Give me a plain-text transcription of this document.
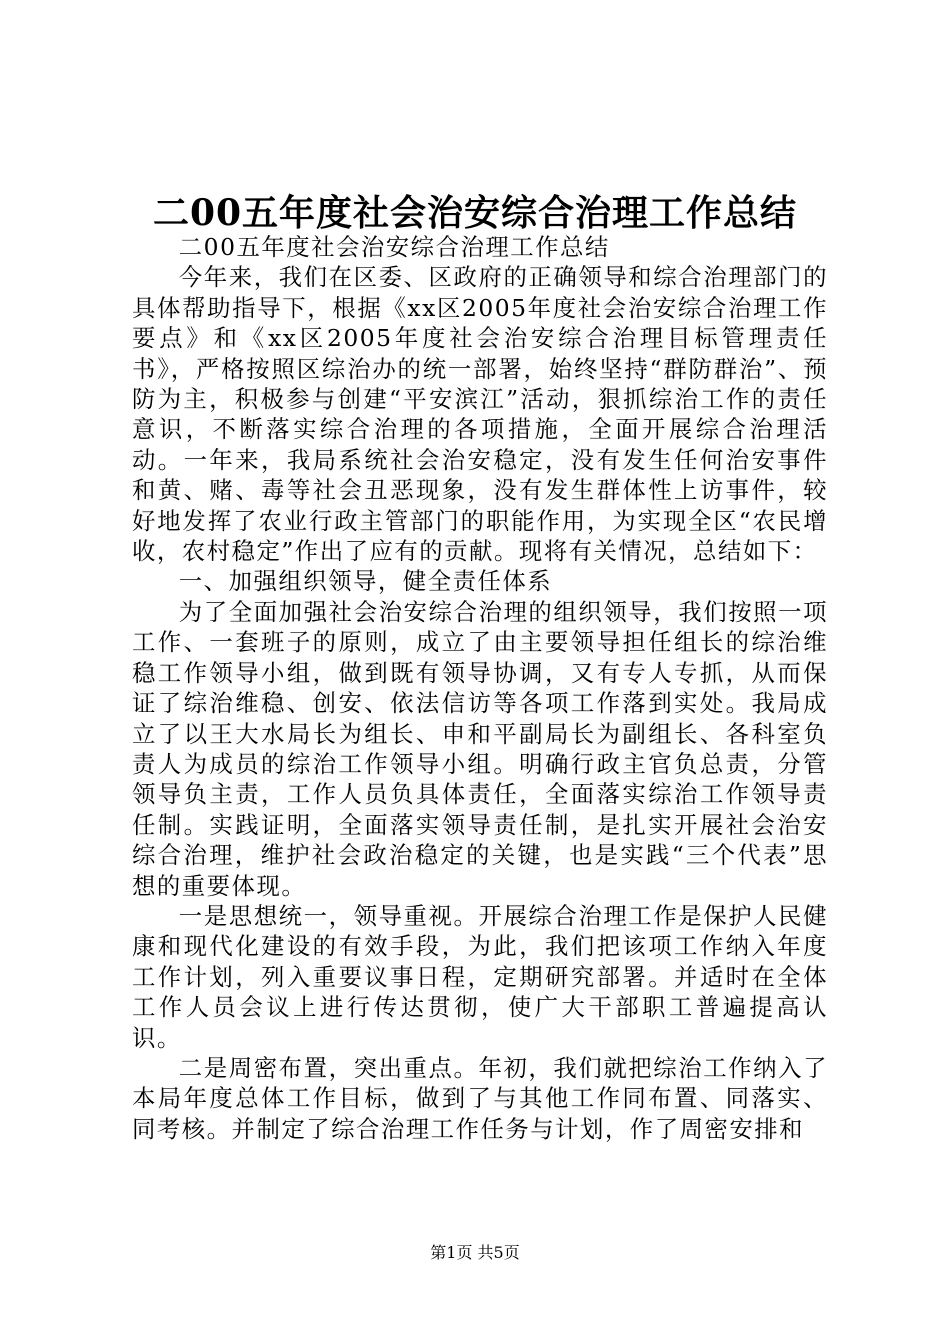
二00五年度社会治安综合治理工作总结

二00五年度社会治安综合治理工作总结

今年来，我们在区委、区政府的正确领导和综合治理部门的具体帮助指导下，根据《xx区2005年度社会治安综合治理工作要点》和《xx区2005年度社会治安综合治理目标管理责任书》，严格按照区综治办的统一部署，始终坚持“群防群治”、预防为主，积极参与创建“平安滨江”活动，狠抓综治工作的责任意识，不断落实综合治理的各项措施，全面开展综合治理活动。一年来，我局系统社会治安稳定，没有发生任何治安事件和黄、赌、毒等社会丑恶现象，没有发生群体性上访事件，较好地发挥了农业行政主管部门的职能作用，为实现全区“农民增收，农村稳定”作出了应有的贡献。现将有关情况，总结如下：

一、加强组织领导，健全责任体系

为了全面加强社会治安综合治理的组织领导，我们按照一项工作、一套班子的原则，成立了由主要领导担任组长的综治维稳工作领导小组，做到既有领导协调，又有专人专抓，从而保证了综治维稳、创安、依法信访等各项工作落到实处。我局成立了以王大水局长为组长、申和平副局长为副组长、各科室负责人为成员的综治工作领导小组。明确行政主官负总责，分管领导负主责，工作人员负具体责任，全面落实综治工作领导责任制。实践证明，全面落实领导责任制，是扎实开展社会治安综合治理，维护社会政治稳定的关键，也是实践“三个代表”思想的重要体现。

一是思想统一，领导重视。开展综合治理工作是保护人民健康和现代化建设的有效手段，为此，我们把该项工作纳入年度工作计划，列入重要议事日程，定期研究部署。并适时在全体工作人员会议上进行传达贯彻，使广大干部职工普遍提高认识。

二是周密布置，突出重点。年初，我们就把综治工作纳入了本局年度总体工作目标，做到了与其他工作同布置、同落实、同考核。并制定了综合治理工作任务与计划，作了周密安排和

第1页 共5页
